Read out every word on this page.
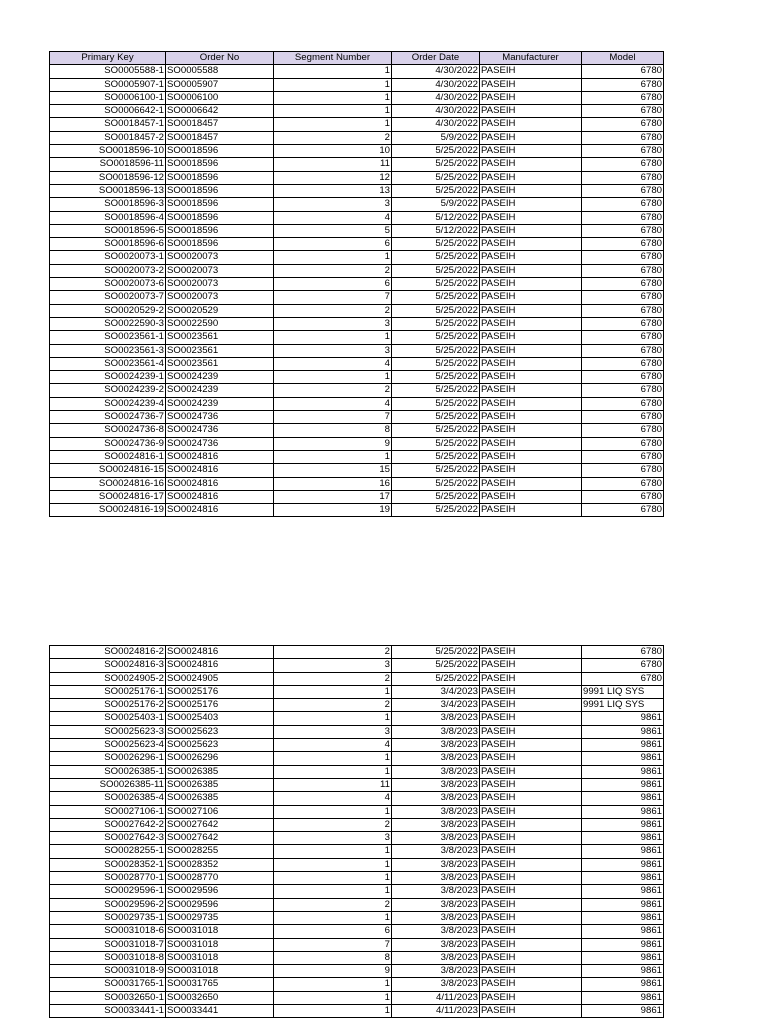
Primary Key	Order No	Segment Number	Order Date	Manufacturer	Model
SO0005588-1	SO0005588	1	4/30/2022	PASEIH	6780
SO0005907-1	SO0005907	1	4/30/2022	PASEIH	6780
SO0006100-1	SO0006100	1	4/30/2022	PASEIH	6780
SO0006642-1	SO0006642	1	4/30/2022	PASEIH	6780
SO0018457-1	SO0018457	1	4/30/2022	PASEIH	6780
SO0018457-2	SO0018457	2	5/9/2022	PASEIH	6780
SO0018596-10	SO0018596	10	5/25/2022	PASEIH	6780
SO0018596-11	SO0018596	11	5/25/2022	PASEIH	6780
SO0018596-12	SO0018596	12	5/25/2022	PASEIH	6780
SO0018596-13	SO0018596	13	5/25/2022	PASEIH	6780
SO0018596-3	SO0018596	3	5/9/2022	PASEIH	6780
SO0018596-4	SO0018596	4	5/12/2022	PASEIH	6780
SO0018596-5	SO0018596	5	5/12/2022	PASEIH	6780
SO0018596-6	SO0018596	6	5/25/2022	PASEIH	6780
SO0020073-1	SO0020073	1	5/25/2022	PASEIH	6780
SO0020073-2	SO0020073	2	5/25/2022	PASEIH	6780
SO0020073-6	SO0020073	6	5/25/2022	PASEIH	6780
SO0020073-7	SO0020073	7	5/25/2022	PASEIH	6780
SO0020529-2	SO0020529	2	5/25/2022	PASEIH	6780
SO0022590-3	SO0022590	3	5/25/2022	PASEIH	6780
SO0023561-1	SO0023561	1	5/25/2022	PASEIH	6780
SO0023561-3	SO0023561	3	5/25/2022	PASEIH	6780
SO0023561-4	SO0023561	4	5/25/2022	PASEIH	6780
SO0024239-1	SO0024239	1	5/25/2022	PASEIH	6780
SO0024239-2	SO0024239	2	5/25/2022	PASEIH	6780
SO0024239-4	SO0024239	4	5/25/2022	PASEIH	6780
SO0024736-7	SO0024736	7	5/25/2022	PASEIH	6780
SO0024736-8	SO0024736	8	5/25/2022	PASEIH	6780
SO0024736-9	SO0024736	9	5/25/2022	PASEIH	6780
SO0024816-1	SO0024816	1	5/25/2022	PASEIH	6780
SO0024816-15	SO0024816	15	5/25/2022	PASEIH	6780
SO0024816-16	SO0024816	16	5/25/2022	PASEIH	6780
SO0024816-17	SO0024816	17	5/25/2022	PASEIH	6780
SO0024816-19	SO0024816	19	5/25/2022	PASEIH	6780
SO0024816-2	SO0024816	2	5/25/2022	PASEIH	6780
SO0024816-3	SO0024816	3	5/25/2022	PASEIH	6780
SO0024905-2	SO0024905	2	5/25/2022	PASEIH	6780
SO0025176-1	SO0025176	1	3/4/2023	PASEIH	9991 LIQ SYS
SO0025176-2	SO0025176	2	3/4/2023	PASEIH	9991 LIQ SYS
SO0025403-1	SO0025403	1	3/8/2023	PASEIH	9861
SO0025623-3	SO0025623	3	3/8/2023	PASEIH	9861
SO0025623-4	SO0025623	4	3/8/2023	PASEIH	9861
SO0026296-1	SO0026296	1	3/8/2023	PASEIH	9861
SO0026385-1	SO0026385	1	3/8/2023	PASEIH	9861
SO0026385-11	SO0026385	11	3/8/2023	PASEIH	9861
SO0026385-4	SO0026385	4	3/8/2023	PASEIH	9861
SO0027106-1	SO0027106	1	3/8/2023	PASEIH	9861
SO0027642-2	SO0027642	2	3/8/2023	PASEIH	9861
SO0027642-3	SO0027642	3	3/8/2023	PASEIH	9861
SO0028255-1	SO0028255	1	3/8/2023	PASEIH	9861
SO0028352-1	SO0028352	1	3/8/2023	PASEIH	9861
SO0028770-1	SO0028770	1	3/8/2023	PASEIH	9861
SO0029596-1	SO0029596	1	3/8/2023	PASEIH	9861
SO0029596-2	SO0029596	2	3/8/2023	PASEIH	9861
SO0029735-1	SO0029735	1	3/8/2023	PASEIH	9861
SO0031018-6	SO0031018	6	3/8/2023	PASEIH	9861
SO0031018-7	SO0031018	7	3/8/2023	PASEIH	9861
SO0031018-8	SO0031018	8	3/8/2023	PASEIH	9861
SO0031018-9	SO0031018	9	3/8/2023	PASEIH	9861
SO0031765-1	SO0031765	1	3/8/2023	PASEIH	9861
SO0032650-1	SO0032650	1	4/11/2023	PASEIH	9861
SO0033441-1	SO0033441	1	4/11/2023	PASEIH	9861
